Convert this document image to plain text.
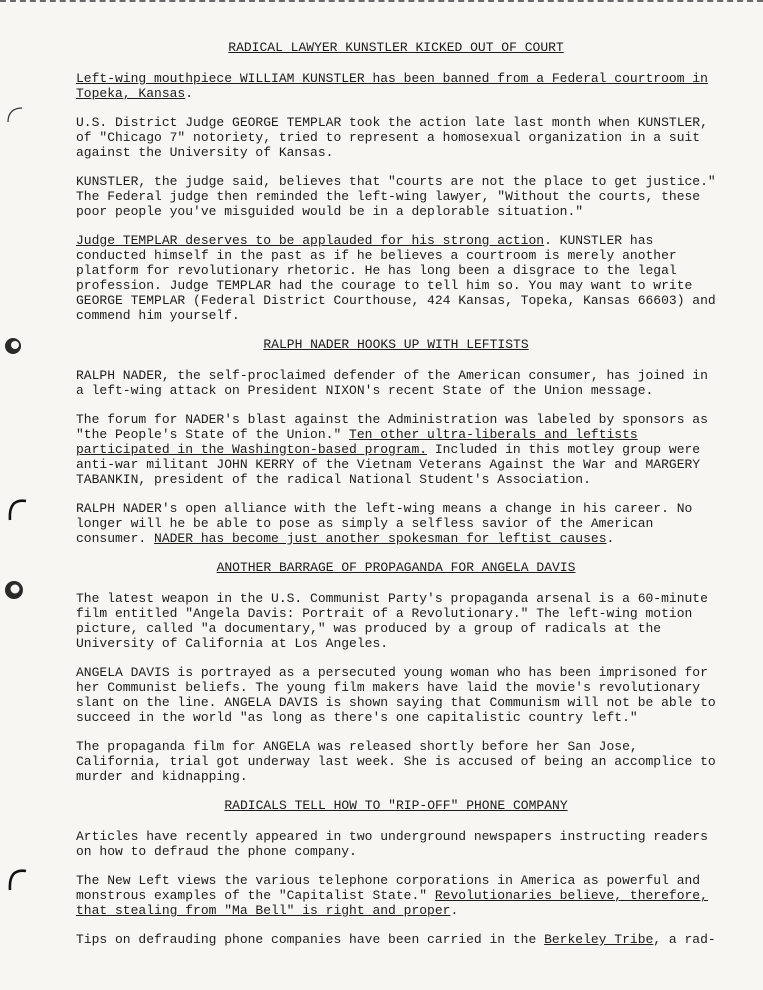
RADICAL LAWYER KUNSTLER KICKED OUT OF COURT

Left-wing mouthpiece WILLIAM KUNSTLER has been banned from a Federal courtroom in Topeka, Kansas.

U.S. District Judge GEORGE TEMPLAR took the action late last month when KUNSTLER, of "Chicago 7" notoriety, tried to represent a homosexual organization in a suit against the University of Kansas.

KUNSTLER, the judge said, believes that "courts are not the place to get justice." The Federal judge then reminded the left-wing lawyer, "Without the courts, these poor people you've misguided would be in a deplorable situation."

Judge TEMPLAR deserves to be applauded for his strong action. KUNSTLER has conducted himself in the past as if he believes a courtroom is merely another platform for revolutionary rhetoric. He has long been a disgrace to the legal profession. Judge TEMPLAR had the courage to tell him so. You may want to write GEORGE TEMPLAR (Federal District Courthouse, 424 Kansas, Topeka, Kansas 66603) and commend him yourself.

RALPH NADER HOOKS UP WITH LEFTISTS

RALPH NADER, the self-proclaimed defender of the American consumer, has joined in a left-wing attack on President NIXON's recent State of the Union message.

The forum for NADER's blast against the Administration was labeled by sponsors as "the People's State of the Union." Ten other ultra-liberals and leftists participated in the Washington-based program. Included in this motley group were anti-war militant JOHN KERRY of the Vietnam Veterans Against the War and MARGERY TABANKIN, president of the radical National Student's Association.

RALPH NADER's open alliance with the left-wing means a change in his career. No longer will he be able to pose as simply a selfless savior of the American consumer. NADER has become just another spokesman for leftist causes.

ANOTHER BARRAGE OF PROPAGANDA FOR ANGELA DAVIS

The latest weapon in the U.S. Communist Party's propaganda arsenal is a 60-minute film entitled "Angela Davis: Portrait of a Revolutionary." The left-wing motion picture, called "a documentary," was produced by a group of radicals at the University of California at Los Angeles.

ANGELA DAVIS is portrayed as a persecuted young woman who has been imprisoned for her Communist beliefs. The young film makers have laid the movie's revolutionary slant on the line. ANGELA DAVIS is shown saying that Communism will not be able to succeed in the world "as long as there's one capitalistic country left."

The propaganda film for ANGELA was released shortly before her San Jose, California, trial got underway last week. She is accused of being an accomplice to murder and kidnapping.

RADICALS TELL HOW TO "RIP-OFF" PHONE COMPANY

Articles have recently appeared in two underground newspapers instructing readers on how to defraud the phone company.

The New Left views the various telephone corporations in America as powerful and monstrous examples of the "Capitalist State." Revolutionaries believe, therefore, that stealing from "Ma Bell" is right and proper.

Tips on defrauding phone companies have been carried in the Berkeley Tribe, a rad-
